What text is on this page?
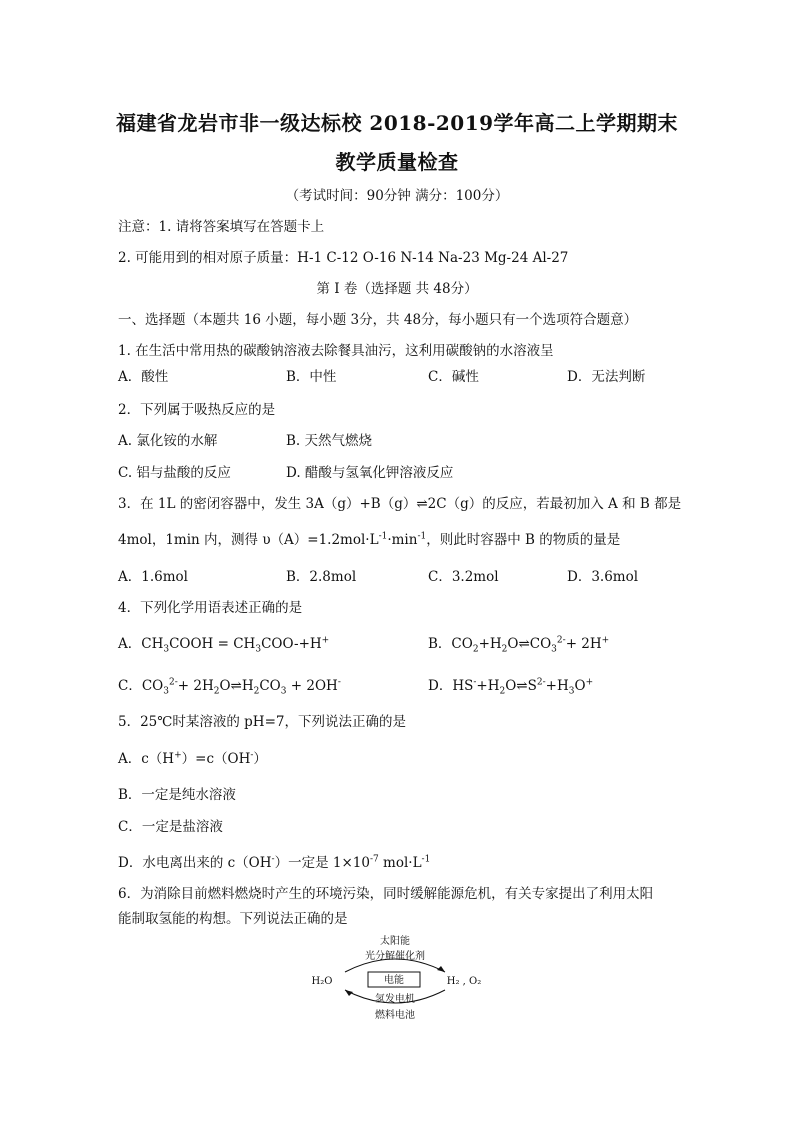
福建省龙岩市非一级达标校 2018-2019学年高二上学期期末
教学质量检查
（考试时间：90分钟 满分：100分）
注意：1. 请将答案填写在答题卡上
2. 可能用到的相对原子质量：H-1 C-12 O-16 N-14 Na-23 Mg-24 Al-27
第 I 卷（选择题 共 48分）
一、选择题（本题共 16 小题，每小题 3分，共 48分，每小题只有一个选项符合题意）
1. 在生活中常用热的碳酸钠溶液去除餐具油污，这利用碳酸钠的水溶液呈
A．酸性	B．中性	C．碱性	D．无法判断
2．下列属于吸热反应的是
A. 氯化铵的水解	B. 天然气燃烧
C. 铝与盐酸的反应	D. 醋酸与氢氧化钾溶液反应
3．在 1L 的密闭容器中，发生 3A（g）+B（g）⇌2C（g）的反应，若最初加入 A 和 B 都是
4mol，1min 内，测得 $\upsilon(A)=1.2mol\cdot L^{-1}\cdot\min^{-1}$，则此时容器中 B 的物质的量是
A．1.6mol	B．2.8mol	C．3.2mol	D．3.6mol
4．下列化学用语表述正确的是
A．$CH_3COOH = CH_3COO-+H^+$	B．$CO_2+H_2O\rightleftharpoons CO_3^{2-}+ 2H^+$
C．$CO_3^{2-}+$ $2H_2O\rightleftharpoons H_2CO_3 + 2OH^-$	D．$HS^-+H_2O\rightleftharpoons S^{2-}+H_3O^+$
5．25℃时某溶液的 pH=7，下列说法正确的是
A．c（H+）=c（OH-）
B．一定是纯水溶液
C．一定是盐溶液
D．水电离出来的 c（OH-）一定是 $1\times 10^{-7}$ $mol\cdot L^{-1}$
6．为消除目前燃料燃烧时产生的环境污染，同时缓解能源危机，有关专家提出了利用太阳
能制取氢能的构想。下列说法正确的是
太阳能
光分解催化剂
H₂O	电能	H₂ , O₂
氢发电机
燃料电池
